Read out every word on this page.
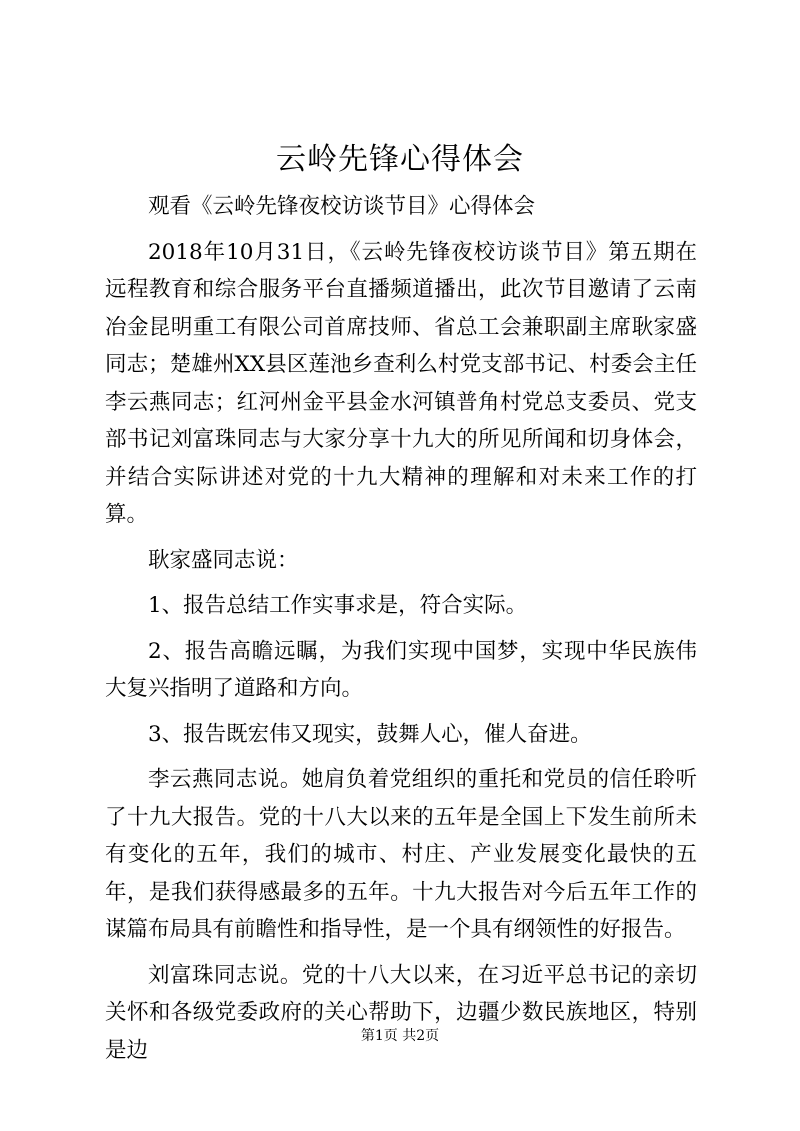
云岭先锋心得体会

观看《云岭先锋夜校访谈节目》心得体会

2018年10月31日，《云岭先锋夜校访谈节目》第五期在远程教育和综合服务平台直播频道播出，此次节目邀请了云南冶金昆明重工有限公司首席技师、省总工会兼职副主席耿家盛同志；楚雄州XX县区莲池乡查利么村党支部书记、村委会主任李云燕同志；红河州金平县金水河镇普角村党总支委员、党支部书记刘富珠同志与大家分享十九大的所见所闻和切身体会，并结合实际讲述对党的十九大精神的理解和对未来工作的打算。

耿家盛同志说：

1、报告总结工作实事求是，符合实际。

2、报告高瞻远瞩，为我们实现中国梦，实现中华民族伟大复兴指明了道路和方向。

3、报告既宏伟又现实，鼓舞人心，催人奋进。

李云燕同志说。她肩负着党组织的重托和党员的信任聆听了十九大报告。党的十八大以来的五年是全国上下发生前所未有变化的五年，我们的城市、村庄、产业发展变化最快的五年，是我们获得感最多的五年。十九大报告对今后五年工作的谋篇布局具有前瞻性和指导性，是一个具有纲领性的好报告。

刘富珠同志说。党的十八大以来，在习近平总书记的亲切关怀和各级党委政府的关心帮助下，边疆少数民族地区，特别是边

第1页 共2页
